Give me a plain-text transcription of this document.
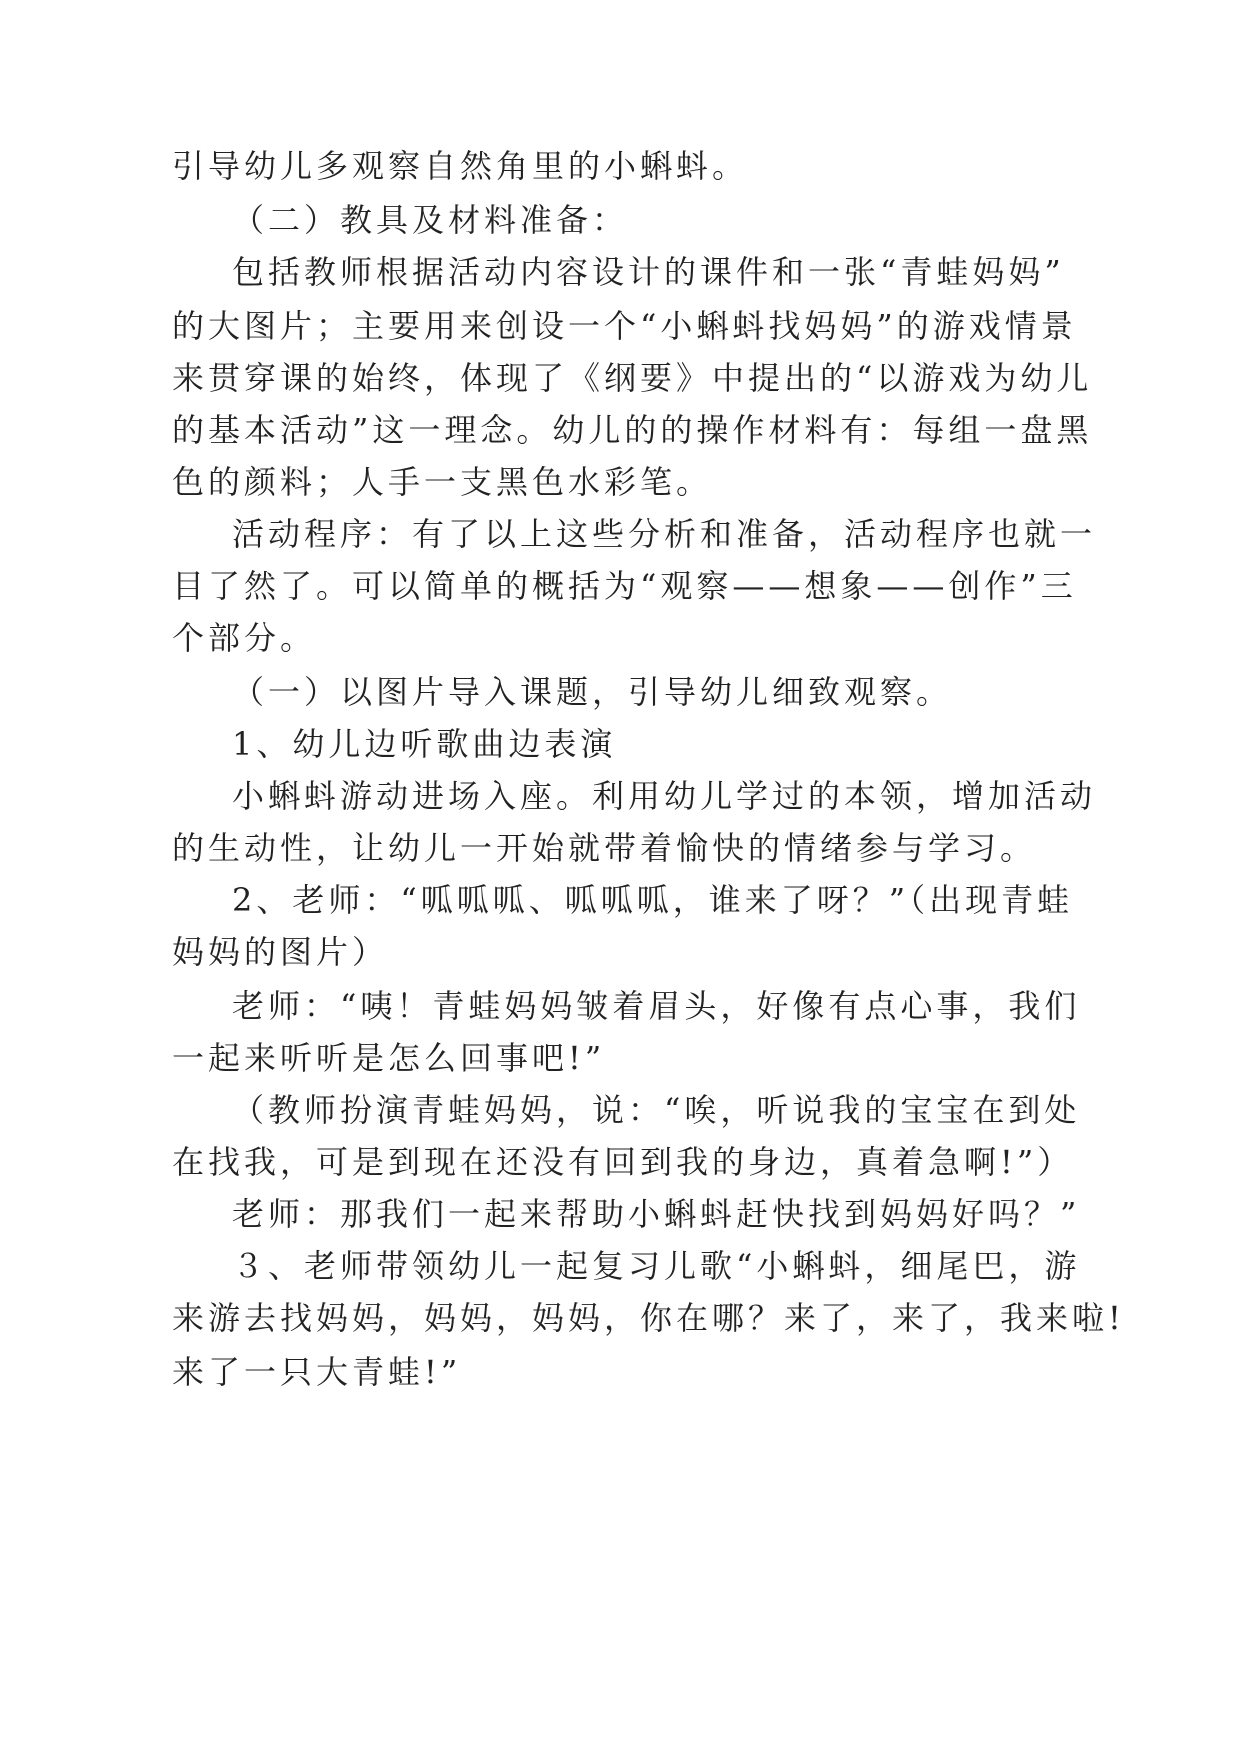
引导幼儿多观察自然角里的小蝌蚪。
（二）教具及材料准备：
包括教师根据活动内容设计的课件和一张“青蛙妈妈”
的大图片；主要用来创设一个“小蝌蚪找妈妈”的游戏情景
来贯穿课的始终，体现了《纲要》中提出的“以游戏为幼儿
的基本活动”这一理念。幼儿的的操作材料有：每组一盘黑
色的颜料；人手一支黑色水彩笔。
活动程序：有了以上这些分析和准备，活动程序也就一
目了然了。可以简单的概括为“观察——想象——创作”三
个部分。
（一）以图片导入课题，引导幼儿细致观察。
1、幼儿边听歌曲边表演
小蝌蚪游动进场入座。利用幼儿学过的本领，增加活动
的生动性，让幼儿一开始就带着愉快的情绪参与学习。
2、老师：“呱呱呱、呱呱呱，谁来了呀？”（出现青蛙
妈妈的图片）
老师：“咦！青蛙妈妈皱着眉头，好像有点心事，我们
一起来听听是怎么回事吧!”
（教师扮演青蛙妈妈，说：“唉，听说我的宝宝在到处
在找我，可是到现在还没有回到我的身边，真着急啊!”）
老师：那我们一起来帮助小蝌蚪赶快找到妈妈好吗？”
３、老师带领幼儿一起复习儿歌“小蝌蚪，细尾巴，游
来游去找妈妈，妈妈，妈妈，你在哪？来了，来了，我来啦!
来了一只大青蛙!”
